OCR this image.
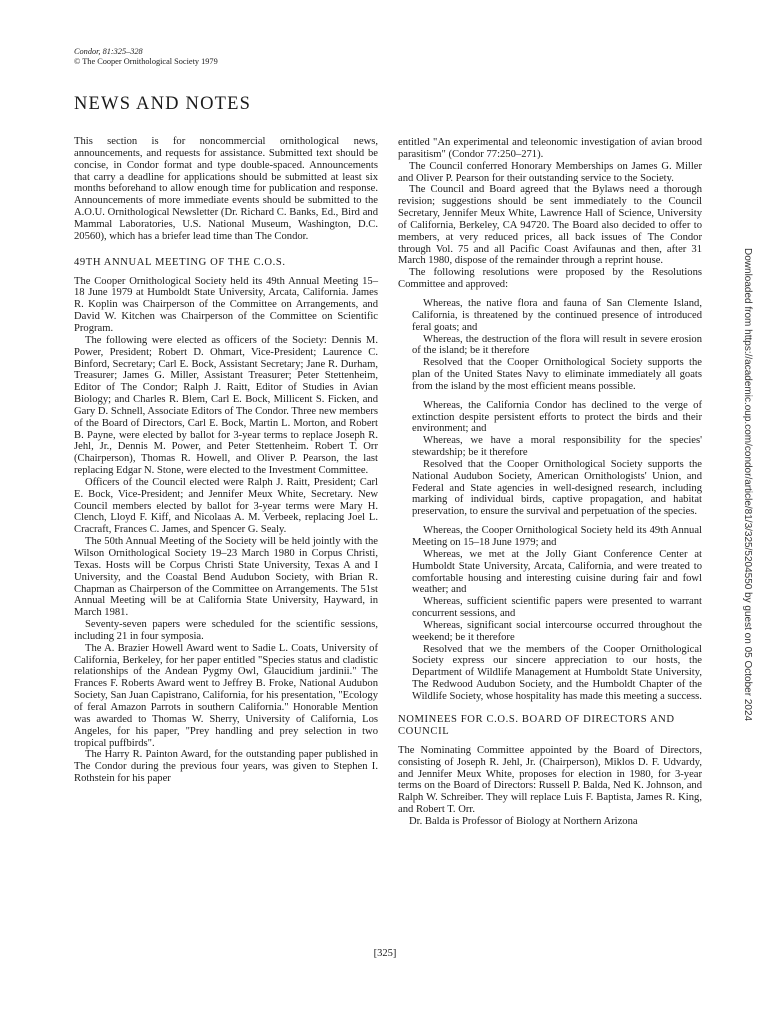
Condor, 81:325–328
© The Cooper Ornithological Society 1979
NEWS AND NOTES

This section is for noncommercial ornithological news, announcements, and requests for assistance. Submitted text should be concise, in Condor format and type double-spaced. Announcements that carry a deadline for applications should be submitted at least six months beforehand to allow enough time for publication and response. Announcements of more immediate events should be submitted to the A.O.U. Ornithological Newsletter (Dr. Richard C. Banks, Ed., Bird and Mammal Laboratories, U.S. National Museum, Washington, D.C. 20560), which has a briefer lead time than The Condor.

49TH ANNUAL MEETING OF THE C.O.S.

The Cooper Ornithological Society held its 49th Annual Meeting 15–18 June 1979 at Humboldt State University, Arcata, California. James R. Koplin was Chairperson of the Committee on Arrangements, and David W. Kitchen was Chairperson of the Committee on Scientific Program.

The following were elected as officers of the Society: Dennis M. Power, President; Robert D. Ohmart, Vice-President; Laurence C. Binford, Secretary; Carl E. Bock, Assistant Secretary; Jane R. Durham, Treasurer; James G. Miller, Assistant Treasurer; Peter Stettenheim, Editor of The Condor; Ralph J. Raitt, Editor of Studies in Avian Biology; and Charles R. Blem, Carl E. Bock, Millicent S. Ficken, and Gary D. Schnell, Associate Editors of The Condor. Three new members of the Board of Directors, Carl E. Bock, Martin L. Morton, and Robert B. Payne, were elected by ballot for 3-year terms to replace Joseph R. Jehl, Jr., Dennis M. Power, and Peter Stettenheim. Robert T. Orr (Chairperson), Thomas R. Howell, and Oliver P. Pearson, the last replacing Edgar N. Stone, were elected to the Investment Committee.

Officers of the Council elected were Ralph J. Raitt, President; Carl E. Bock, Vice-President; and Jennifer Meux White, Secretary. New Council members elected by ballot for 3-year terms were Mary H. Clench, Lloyd F. Kiff, and Nicolaas A. M. Verbeek, replacing Joel L. Cracraft, Frances C. James, and Spencer G. Sealy.

The 50th Annual Meeting of the Society will be held jointly with the Wilson Ornithological Society 19–23 March 1980 in Corpus Christi, Texas. Hosts will be Corpus Christi State University, Texas A and I University, and the Coastal Bend Audubon Society, with Brian R. Chapman as Chairperson of the Committee on Arrangements. The 51st Annual Meeting will be at California State University, Hayward, in March 1981.

Seventy-seven papers were scheduled for the scientific sessions, including 21 in four symposia.

The A. Brazier Howell Award went to Sadie L. Coats, University of California, Berkeley, for her paper entitled "Species status and cladistic relationships of the Andean Pygmy Owl, Glaucidium jardinii." The Frances F. Roberts Award went to Jeffrey B. Froke, National Audubon Society, San Juan Capistrano, California, for his presentation, "Ecology of feral Amazon Parrots in southern California." Honorable Mention was awarded to Thomas W. Sherry, University of California, Los Angeles, for his paper, "Prey handling and prey selection in two tropical puffbirds".

The Harry R. Painton Award, for the outstanding paper published in The Condor during the previous four years, was given to Stephen I. Rothstein for his paper

entitled "An experimental and teleonomic investigation of avian brood parasitism" (Condor 77:250–271).

The Council conferred Honorary Memberships on James G. Miller and Oliver P. Pearson for their outstanding service to the Society.

The Council and Board agreed that the Bylaws need a thorough revision; suggestions should be sent immediately to the Council Secretary, Jennifer Meux White, Lawrence Hall of Science, University of California, Berkeley, CA 94720. The Board also decided to offer to members, at very reduced prices, all back issues of The Condor through Vol. 75 and all Pacific Coast Avifaunas and then, after 31 March 1980, dispose of the remainder through a reprint house.

The following resolutions were proposed by the Resolutions Committee and approved:

Whereas, the native flora and fauna of San Clemente Island, California, is threatened by the continued presence of introduced feral goats; and

Whereas, the destruction of the flora will result in severe erosion of the island; be it therefore

Resolved that the Cooper Ornithological Society supports the plan of the United States Navy to eliminate immediately all goats from the island by the most efficient means possible.

Whereas, the California Condor has declined to the verge of extinction despite persistent efforts to protect the birds and their environment; and

Whereas, we have a moral responsibility for the species' stewardship; be it therefore

Resolved that the Cooper Ornithological Society supports the National Audubon Society, American Ornithologists' Union, and Federal and State agencies in well-designed research, including marking of individual birds, captive propagation, and habitat preservation, to ensure the survival and perpetuation of the species.

Whereas, the Cooper Ornithological Society held its 49th Annual Meeting on 15–18 June 1979; and

Whereas, we met at the Jolly Giant Conference Center at Humboldt State University, Arcata, California, and were treated to comfortable housing and interesting cuisine during fair and fowl weather; and

Whereas, sufficient scientific papers were presented to warrant concurrent sessions, and

Whereas, significant social intercourse occurred throughout the weekend; be it therefore

Resolved that we the members of the Cooper Ornithological Society express our sincere appreciation to our hosts, the Department of Wildlife Management at Humboldt State University, The Redwood Audubon Society, and the Humboldt Chapter of the Wildlife Society, whose hospitality has made this meeting a success.

NOMINEES FOR C.O.S. BOARD OF DIRECTORS AND COUNCIL

The Nominating Committee appointed by the Board of Directors, consisting of Joseph R. Jehl, Jr. (Chairperson), Miklos D. F. Udvardy, and Jennifer Meux White, proposes for election in 1980, for 3-year terms on the Board of Directors: Russell P. Balda, Ned K. Johnson, and Ralph W. Schreiber. They will replace Luis F. Baptista, James R. King, and Robert T. Orr.

Dr. Balda is Professor of Biology at Northern Arizona

Downloaded from https://academic.oup.com/condor/article/81/3/325/5204550 by guest on 05 October 2024
[325]
